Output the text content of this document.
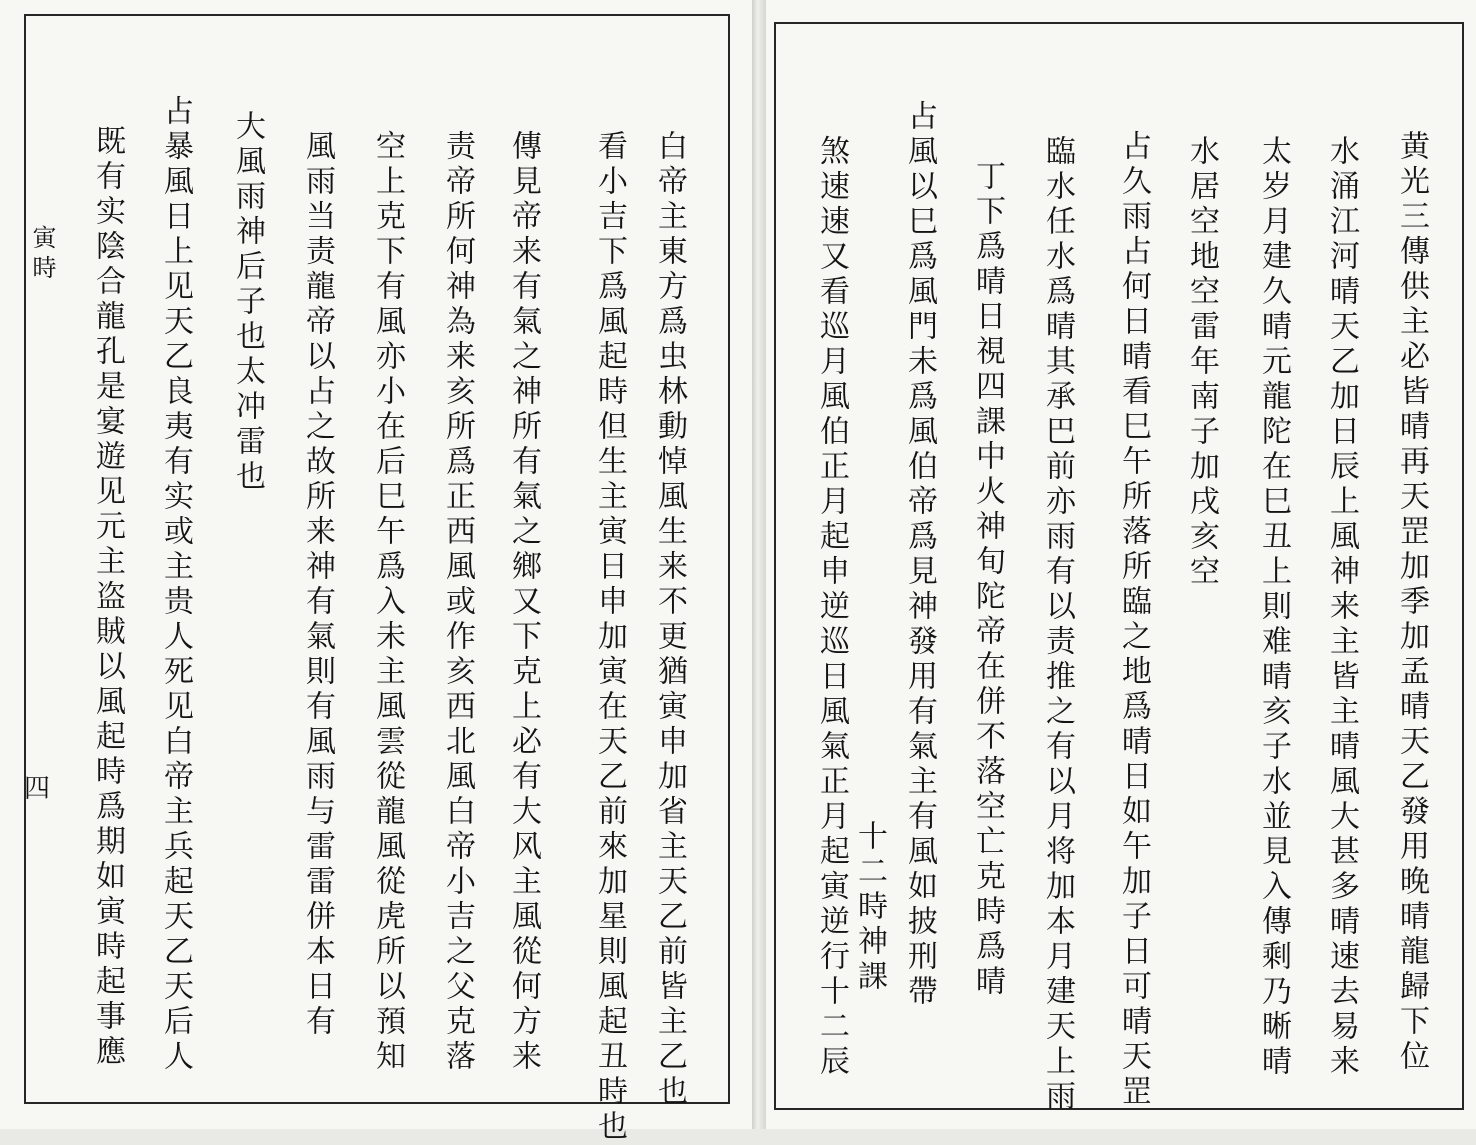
白帝主東方爲虫林動悼風生来不更猶寅申加省主天乙前皆主乙也
看小吉下爲風起時但生主寅日申加寅在天乙前來加星則風起丑時也
傳見帝来有氣之神所有氣之鄉又下克上必有大风主風從何方来
责帝所何神為来亥所爲正西風或作亥西北風白帝小吉之父克落
空上克下有風亦小在后巳午爲入未主風雲從龍風從虎所以預知
風雨当责龍帝以占之故所来神有氣則有風雨与雷雷併本日有
大風雨神后子也太冲雷也
占暴風日上见天乙良夷有实或主贵人死见白帝主兵起天乙天后人
既有实陰合龍孔是宴遊见元主盗賊以風起時爲期如寅時起事應
寅時
四	黄光三傳供主必皆晴再天罡加季加孟晴天乙發用晚晴龍歸下位
水涌江河晴天乙加日辰上風神来主皆主晴風大甚多晴速去易来
太岁月建久晴元龍陀在巳丑上則难晴亥子水並見入傳剩乃晰晴
水居空地空雷年南子加戌亥空
占久雨占何日晴看巳午所落所臨之地爲晴日如午加子日可晴天罡
臨水任水爲晴其承巴前亦雨有以责推之有以月将加本月建天上雨
丁下爲晴日視四課中火神旬陀帝在併不落空亡克時爲晴
占風以巳爲風門未爲風伯帝爲見神發用有氣主有風如披刑帶
煞速速又看巡月風伯正月起申逆巡日風氣正月起寅逆行十二辰 十二時神課
